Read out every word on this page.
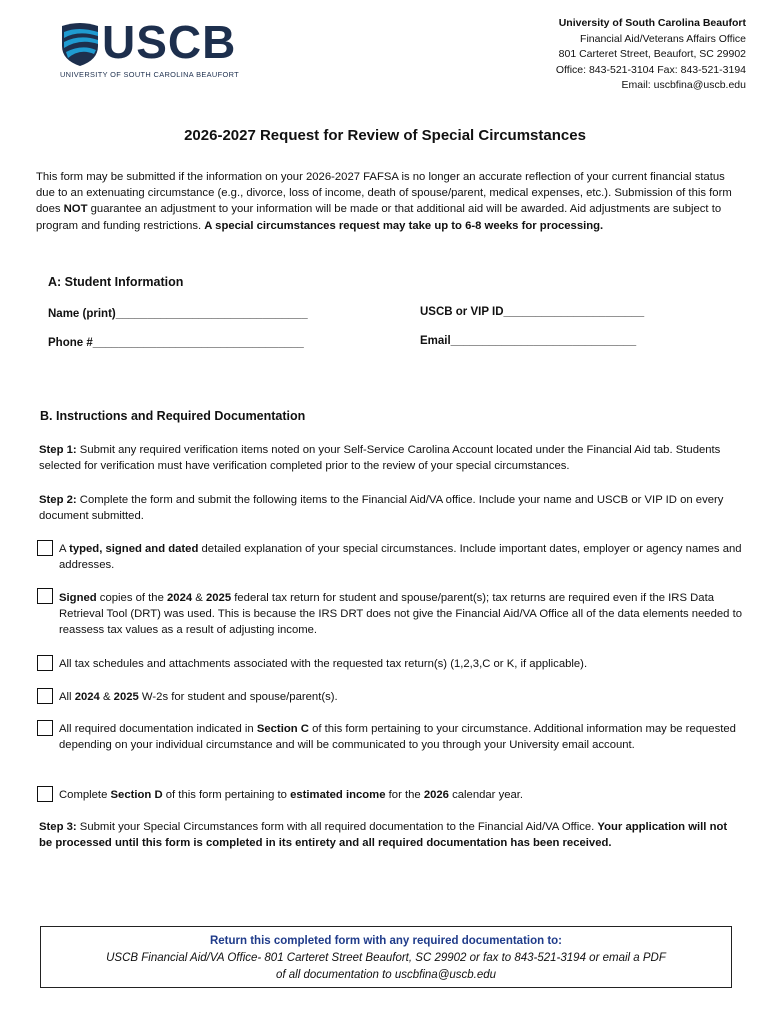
USCB
UNIVERSITY OF SOUTH CAROLINA BEAUFORT
University of South Carolina Beaufort
Financial Aid/Veterans Affairs Office
801 Carteret Street, Beaufort, SC 29902
Office: 843-521-3104 Fax: 843-521-3194
Email: uscbfina@uscb.edu
2026-2027 Request for Review of Special Circumstances
This form may be submitted if the information on your 2026-2027 FAFSA is no longer an accurate reflection of your current financial status due to an extenuating circumstance (e.g., divorce, loss of income, death of spouse/parent, medical expenses, etc.). Submission of this form does NOT guarantee an adjustment to your information will be made or that additional aid will be awarded. Aid adjustments are subject to program and funding restrictions. A special circumstances request may take up to 6-8 weeks for processing.
A: Student Information
Name (print)______________________________	USCB or VIP ID______________________
Phone #_________________________________	Email_____________________________
B. Instructions and Required Documentation
Step 1: Submit any required verification items noted on your Self-Service Carolina Account located under the Financial Aid tab. Students selected for verification must have verification completed prior to the review of your special circumstances.
Step 2: Complete the form and submit the following items to the Financial Aid/VA office. Include your name and USCB or VIP ID on every document submitted.
A typed, signed and dated detailed explanation of your special circumstances. Include important dates, employer or agency names and addresses.
Signed copies of the 2024 & 2025 federal tax return for student and spouse/parent(s); tax returns are required even if the IRS Data Retrieval Tool (DRT) was used. This is because the IRS DRT does not give the Financial Aid/VA Office all of the data elements needed to reassess tax values as a result of adjusting income.
All tax schedules and attachments associated with the requested tax return(s) (1,2,3,C or K, if applicable).
All 2024 & 2025 W-2s for student and spouse/parent(s).
All required documentation indicated in Section C of this form pertaining to your circumstance. Additional information may be requested depending on your individual circumstance and will be communicated to you through your University email account.
Complete Section D of this form pertaining to estimated income for the 2026 calendar year.
Step 3: Submit your Special Circumstances form with all required documentation to the Financial Aid/VA Office. Your application will not be processed until this form is completed in its entirety and all required documentation has been received.
Return this completed form with any required documentation to:
USCB Financial Aid/VA Office- 801 Carteret Street Beaufort, SC 29902 or fax to 843-521-3194 or email a PDF
of all documentation to uscbfina@uscb.edu
